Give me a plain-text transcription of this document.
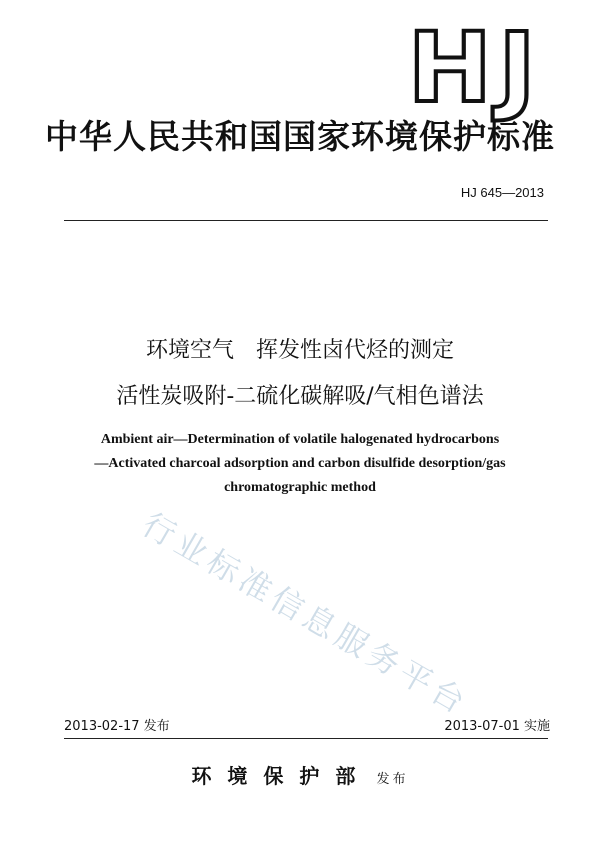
HJ
中华人民共和国国家环境保护标准
HJ 645—2013
环境空气　挥发性卤代烃的测定
活性炭吸附-二硫化碳解吸/气相色谱法
Ambient air—Determination of volatile halogenated hydrocarbons
—Activated charcoal adsorption and carbon disulfide desorption/gas
chromatographic method
行业标准信息服务平台
2013-02-17 发布	2013-07-01 实施
环境保护部 发布
